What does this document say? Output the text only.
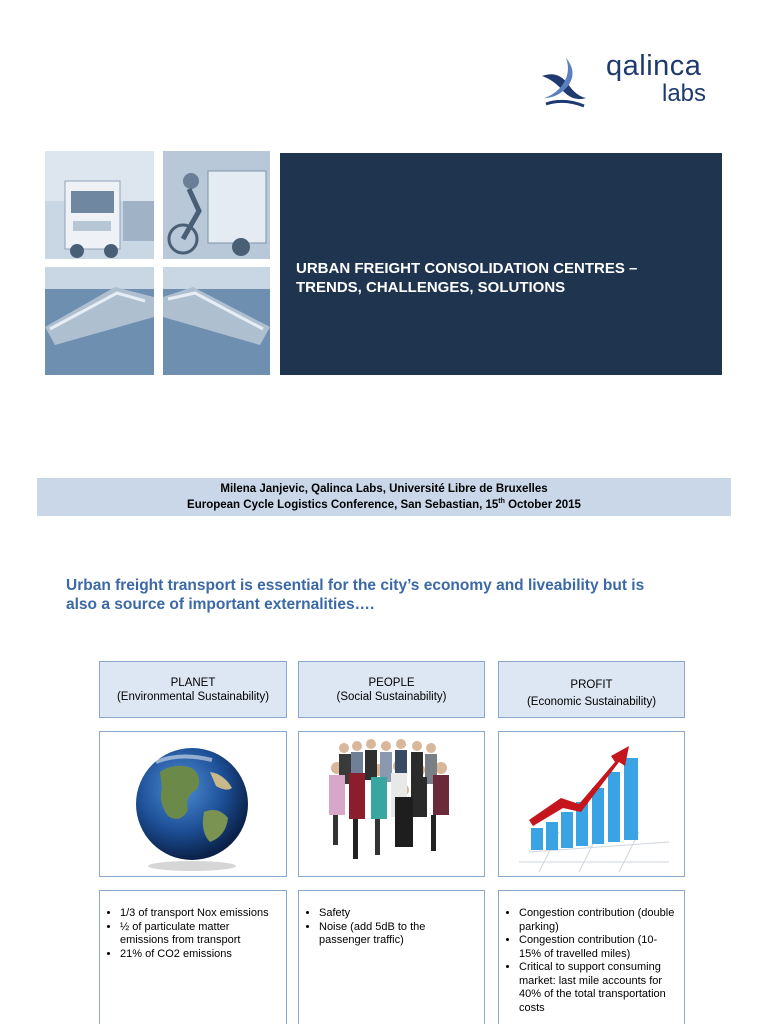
qalinca
labs
URBAN FREIGHT CONSOLIDATION CENTRES –
TRENDS, CHALLENGES, SOLUTIONS
Milena Janjevic, Qalinca Labs, Université Libre de Bruxelles
European Cycle Logistics Conference, San Sebastian, 15th October 2015
Urban freight transport is essential for the city’s economy and liveability but is
also a source of important externalities….
PLANET
(Environmental Sustainability)
PEOPLE
(Social Sustainability)
PROFIT
(Economic Sustainability)
• 1/3 of transport Nox emissions
• ½ of particulate matter emissions from transport
• 21% of CO2 emissions
• Safety
• Noise (add 5dB to the passenger traffic)
• Congestion contribution (double parking)
• Congestion contribution (10-15% of travelled miles)
• Critical to support consuming market: last mile accounts for 40% of the total transportation costs
